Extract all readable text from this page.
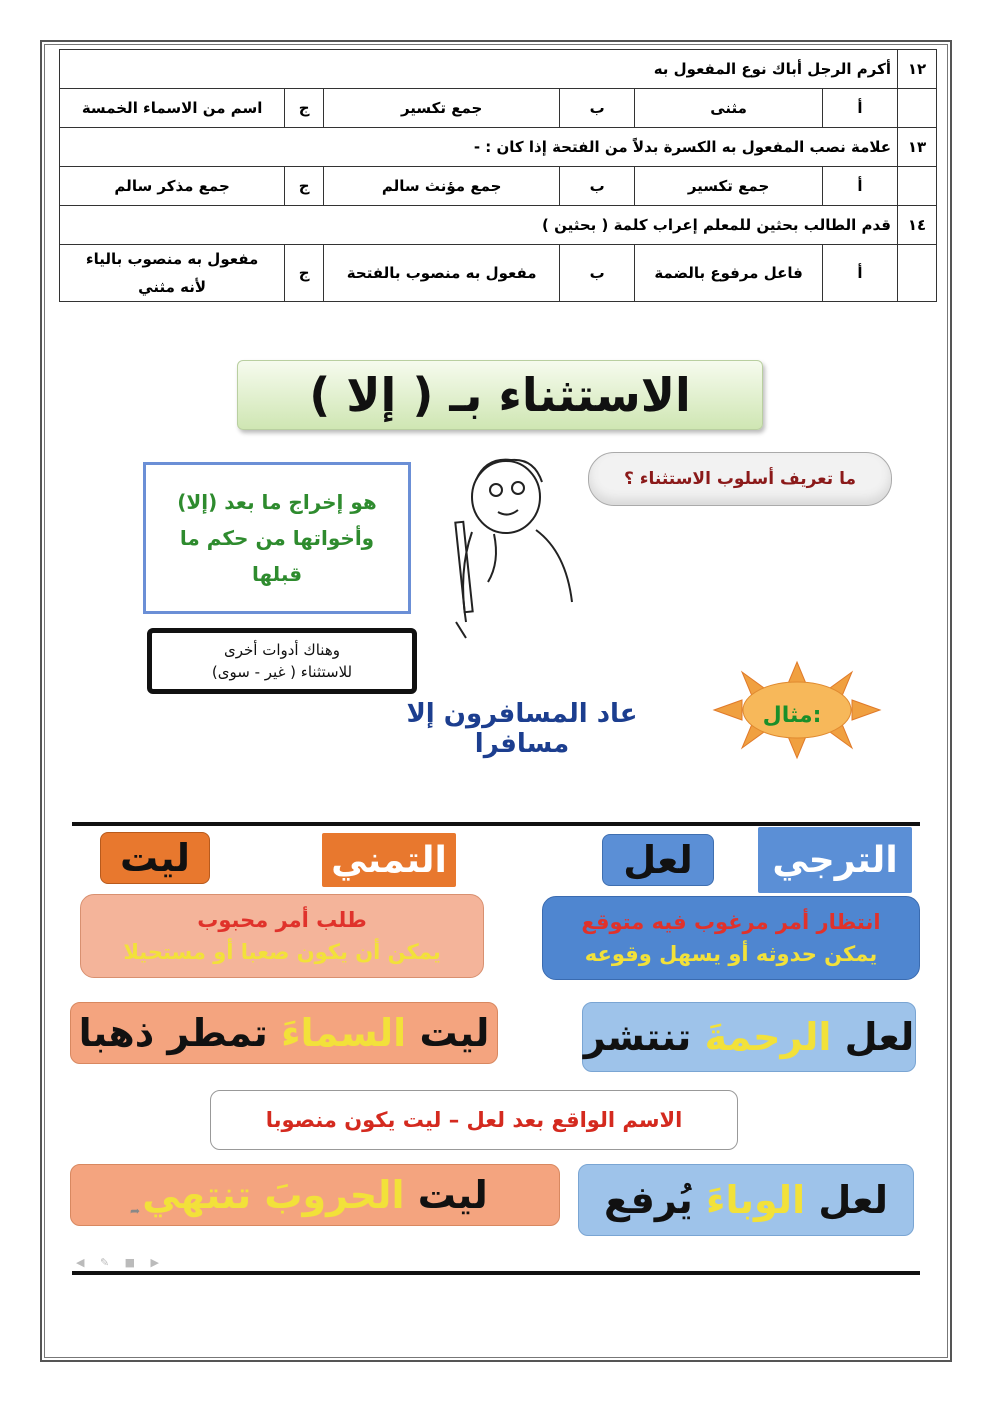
١٢	أكرم الرجل أباك نوع المفعول به					
	أ	مثنى	ب	جمع تكسير	ج	اسم من الاسماء الخمسة
١٣	علامة نصب المفعول به الكسرة بدلاً من الفتحة إذا كان : -					
	أ	جمع تكسير	ب	جمع مؤنث سالم	ج	جمع مذكر سالم
١٤	قدم الطالب بحثين للمعلم إعراب كلمة ( بحثين )					
	أ	فاعل مرفوع بالضمة	ب	مفعول به منصوب بالفتحة	ج	مفعول به منصوب بالياء
لأنه مثني
الاستثناء بـ ( إلا )
هو إخراج ما بعد (إلا)
وأخواتها من حكم ما
قبلها
ما تعريف أسلوب الاستثناء ؟
وهناك أدوات أخرى
للاستثناء ( غير - سوى)
مثال:
عاد المسافرون إلا مسافرا
الترجي
لعل
التمني
ليت
انتظار أمر مرغوب فيه متوقع
يمكن حدوثه أو يسهل وقوعه
طلب أمر محبوب
يمكن أن يكون صعبا أو مستحيلا
لعل

الرحمةَ

تنتشر
ليت

السماءَ

تمطر ذهبا
الاسم الواقع بعد لعل – ليت يكون منصوبا
لعل

الوباءَ

يُرفع
ليت

الحروبَ

تنتهي
➦
◀ ✎ ■ ▶
